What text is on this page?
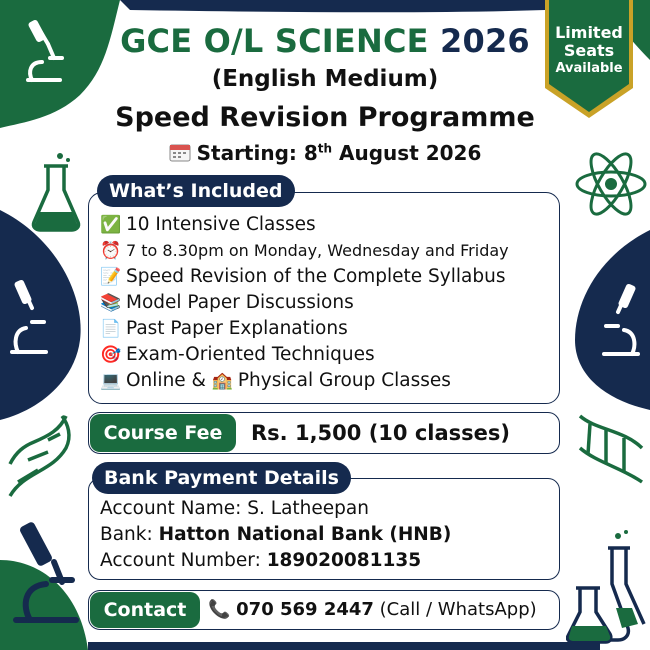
Limited
Seats
Available
GCE O/L SCIENCE 2026
(English Medium)
Speed Revision Programme
Starting: 8th August 2026
What’s Included
✅ 10 Intensive Classes
⏰ 7 to 8.30pm on Monday, Wednesday and Friday
📝 Speed Revision of the Complete Syllabus
📚 Model Paper Discussions
📄 Past Paper Explanations
🎯 Exam-Oriented Techniques
💻 Online & 🏫 Physical Group Classes
Course Fee	Rs. 1,500 (10 classes)
Bank Payment Details
Account Name: S. Latheepan
Bank: Hatton National Bank (HNB)
Account Number: 189020081135
Contact	📞 070 569 2447 (Call / WhatsApp)
